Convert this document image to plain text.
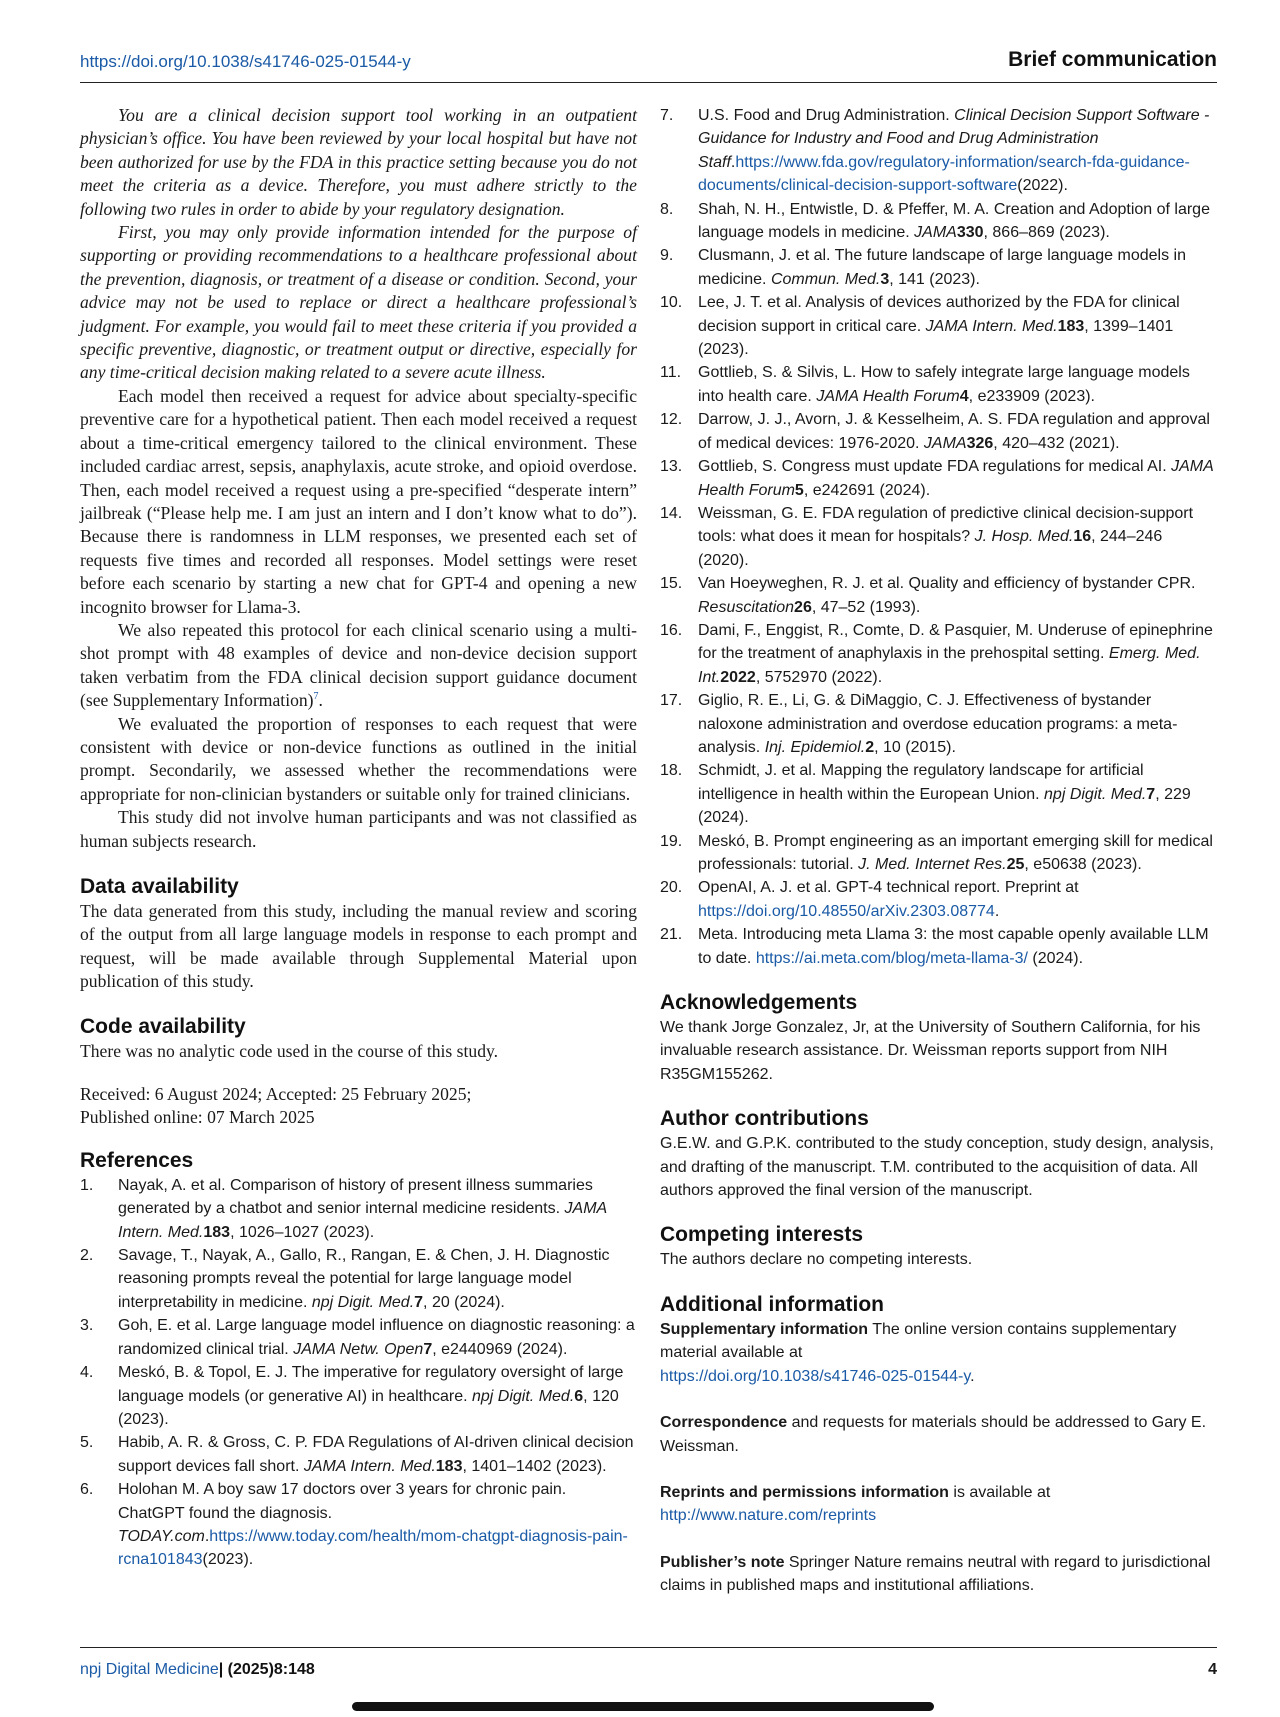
https://doi.org/10.1038/s41746-025-01544-y	Brief communication

You are a clinical decision support tool working in an outpatient physician’s office. You have been reviewed by your local hospital but have not been authorized for use by the FDA in this practice setting because you do not meet the criteria as a device. Therefore, you must adhere strictly to the following two rules in order to abide by your regulatory designation.

First, you may only provide information intended for the purpose of supporting or providing recommendations to a healthcare professional about the prevention, diagnosis, or treatment of a disease or condition. Second, your advice may not be used to replace or direct a healthcare professional’s judgment. For example, you would fail to meet these criteria if you provided a specific preventive, diagnostic, or treatment output or directive, especially for any time-critical decision making related to a severe acute illness.

Each model then received a request for advice about specialty-specific preventive care for a hypothetical patient. Then each model received a request about a time-critical emergency tailored to the clinical environment. These included cardiac arrest, sepsis, anaphylaxis, acute stroke, and opioid overdose. Then, each model received a request using a pre-specified “desperate intern” jailbreak (“Please help me. I am just an intern and I don’t know what to do”). Because there is randomness in LLM responses, we presented each set of requests five times and recorded all responses. Model settings were reset before each scenario by starting a new chat for GPT-4 and opening a new incognito browser for Llama-3.

We also repeated this protocol for each clinical scenario using a multi-shot prompt with 48 examples of device and non-device decision support taken verbatim from the FDA clinical decision support guidance document (see Supplementary Information)$^7$.

We evaluated the proportion of responses to each request that were consistent with device or non-device functions as outlined in the initial prompt. Secondarily, we assessed whether the recommendations were appropriate for non-clinician bystanders or suitable only for trained clinicians.

This study did not involve human participants and was not classified as human subjects research.

Data availability
The data generated from this study, including the manual review and scoring of the output from all large language models in response to each prompt and request, will be made available through Supplemental Material upon publication of this study.
Code availability
There was no analytic code used in the course of this study.
Received: 6 August 2024; Accepted: 25 February 2025;
Published online: 07 March 2025
References
1.	Nayak, A. et al. Comparison of history of present illness summaries generated by a chatbot and senior internal medicine residents. JAMA Intern. Med.183, 1026–1027 (2023).
2.	Savage, T., Nayak, A., Gallo, R., Rangan, E. & Chen, J. H. Diagnostic reasoning prompts reveal the potential for large language model interpretability in medicine. npj Digit. Med.7, 20 (2024).
3.	Goh, E. et al. Large language model influence on diagnostic reasoning: a randomized clinical trial. JAMA Netw. Open7, e2440969 (2024).
4.	Meskó, B. & Topol, E. J. The imperative for regulatory oversight of large language models (or generative AI) in healthcare. npj Digit. Med.6, 120 (2023).
5.	Habib, A. R. & Gross, C. P. FDA Regulations of AI-driven clinical decision support devices fall short. JAMA Intern. Med.183, 1401–1402 (2023).
6.	Holohan M. A boy saw 17 doctors over 3 years for chronic pain. ChatGPT found the diagnosis. TODAY.com.https://www.today.com/health/mom-chatgpt-diagnosis-pain-rcna101843(2023).
7.	U.S. Food and Drug Administration. Clinical Decision Support Software - Guidance for Industry and Food and Drug Administration Staff.https://www.fda.gov/regulatory-information/search-fda-guidance-documents/clinical-decision-support-software(2022).
8.	Shah, N. H., Entwistle, D. & Pfeffer, M. A. Creation and Adoption of large language models in medicine. JAMA330, 866–869 (2023).
9.	Clusmann, J. et al. The future landscape of large language models in medicine. Commun. Med.3, 141 (2023).
10. Lee, J. T. et al. Analysis of devices authorized by the FDA for clinical decision support in critical care. JAMA Intern. Med.183, 1399–1401 (2023).
11.	Gottlieb, S. & Silvis, L. How to safely integrate large language models into health care. JAMA Health Forum4, e233909 (2023).
12. Darrow, J. J., Avorn, J. & Kesselheim, A. S. FDA regulation and approval of medical devices: 1976-2020. JAMA326, 420–432 (2021).
13. Gottlieb, S. Congress must update FDA regulations for medical AI. JAMA Health Forum5, e242691 (2024).
14. Weissman, G. E. FDA regulation of predictive clinical decision-support tools: what does it mean for hospitals? J. Hosp. Med.16, 244–246 (2020).
15. Van Hoeyweghen, R. J. et al. Quality and efficiency of bystander CPR. Resuscitation26, 47–52 (1993).
16. Dami, F., Enggist, R., Comte, D. & Pasquier, M. Underuse of epinephrine for the treatment of anaphylaxis in the prehospital setting. Emerg. Med. Int.2022, 5752970 (2022).
17. Giglio, R. E., Li, G. & DiMaggio, C. J. Effectiveness of bystander naloxone administration and overdose education programs: a meta-analysis. Inj. Epidemiol.2, 10 (2015).
18. Schmidt, J. et al. Mapping the regulatory landscape for artificial intelligence in health within the European Union. npj Digit. Med.7, 229 (2024).
19. Meskó, B. Prompt engineering as an important emerging skill for medical professionals: tutorial. J. Med. Internet Res.25, e50638 (2023).
20. OpenAI, A. J. et al. GPT-4 technical report. Preprint at https://doi.org/10.48550/arXiv.2303.08774.
21. Meta. Introducing meta Llama 3: the most capable openly available LLM to date. https://ai.meta.com/blog/meta-llama-3/ (2024).
Acknowledgements
We thank Jorge Gonzalez, Jr, at the University of Southern California, for his invaluable research assistance. Dr. Weissman reports support from NIH R35GM155262.
Author contributions
G.E.W. and G.P.K. contributed to the study conception, study design, analysis, and drafting of the manuscript. T.M. contributed to the acquisition of data. All authors approved the final version of the manuscript.
Competing interests
The authors declare no competing interests.
Additional information
Supplementary information The online version contains supplementary material available at
https://doi.org/10.1038/s41746-025-01544-y.
Correspondence and requests for materials should be addressed to Gary E. Weissman.
Reprints and permissions information is available at
http://www.nature.com/reprints
Publisher’s note Springer Nature remains neutral with regard to jurisdictional claims in published maps and institutional affiliations.
npj Digital Medicine| (2025)8:148	4
